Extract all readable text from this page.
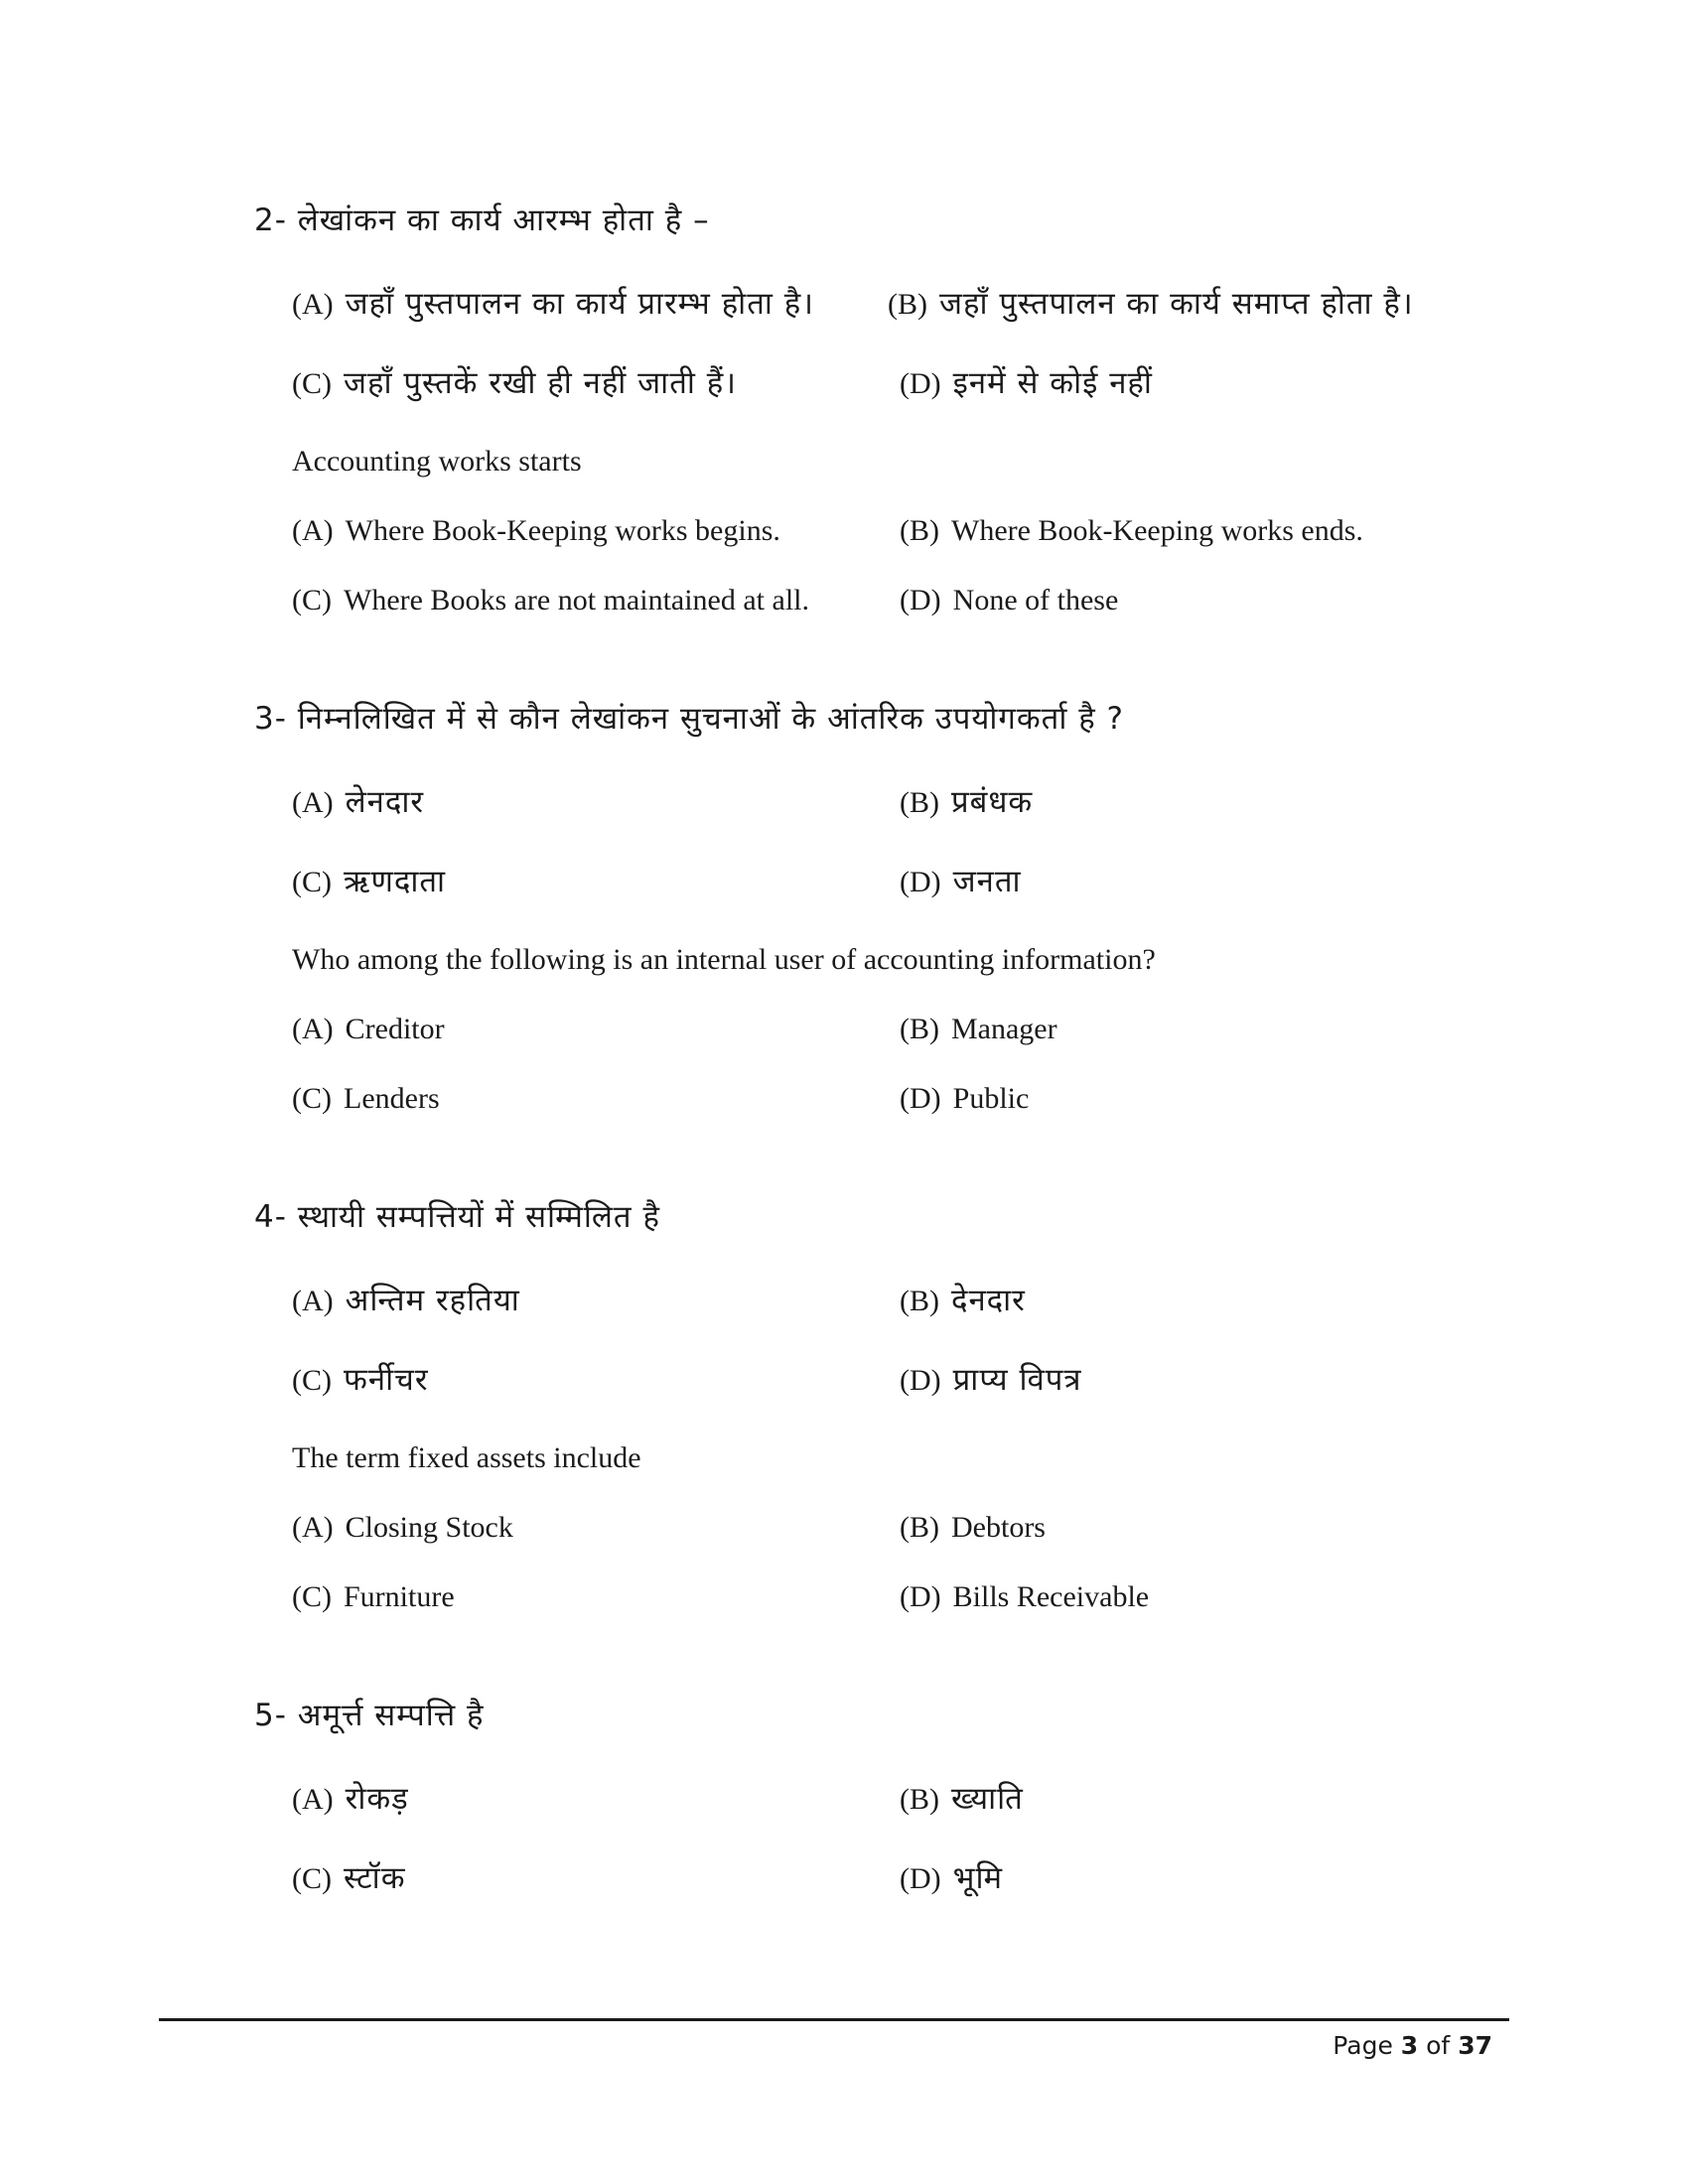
2- लेखांकन का कार्य आरम्भ होता है –
(A) जहाँ पुस्तपालन का कार्य प्रारम्भ होता है। (B) जहाँ पुस्तपालन का कार्य समाप्त होता है।
(C) जहाँ पुस्तकें रखी ही नहीं जाती हैं।	(D) इनमें से कोई नहीं
Accounting works starts
(A) Where Book-Keeping works begins.	(B) Where Book-Keeping works ends.
(C) Where Books are not maintained at all.	(D) None of these
3- निम्नलिखित में से कौन लेखांकन सुचनाओं के आंतरिक उपयोगकर्ता है ?
(A) लेनदार	(B) प्रबंधक
(C) ऋणदाता	(D) जनता
Who among the following is an internal user of accounting information?
(A) Creditor	(B) Manager
(C) Lenders	(D) Public
4- स्थायी सम्पत्तियों में सम्मिलित है
(A) अन्तिम रहतिया	(B) देनदार
(C) फर्नीचर	(D) प्राप्य विपत्र
The term fixed assets include
(A) Closing Stock	(B) Debtors
(C) Furniture	(D) Bills Receivable
5- अमूर्त्त सम्पत्ति है
(A) रोकड़	(B) ख्याति
(C) स्टॉक	(D) भूमि
Page 3 of 37
